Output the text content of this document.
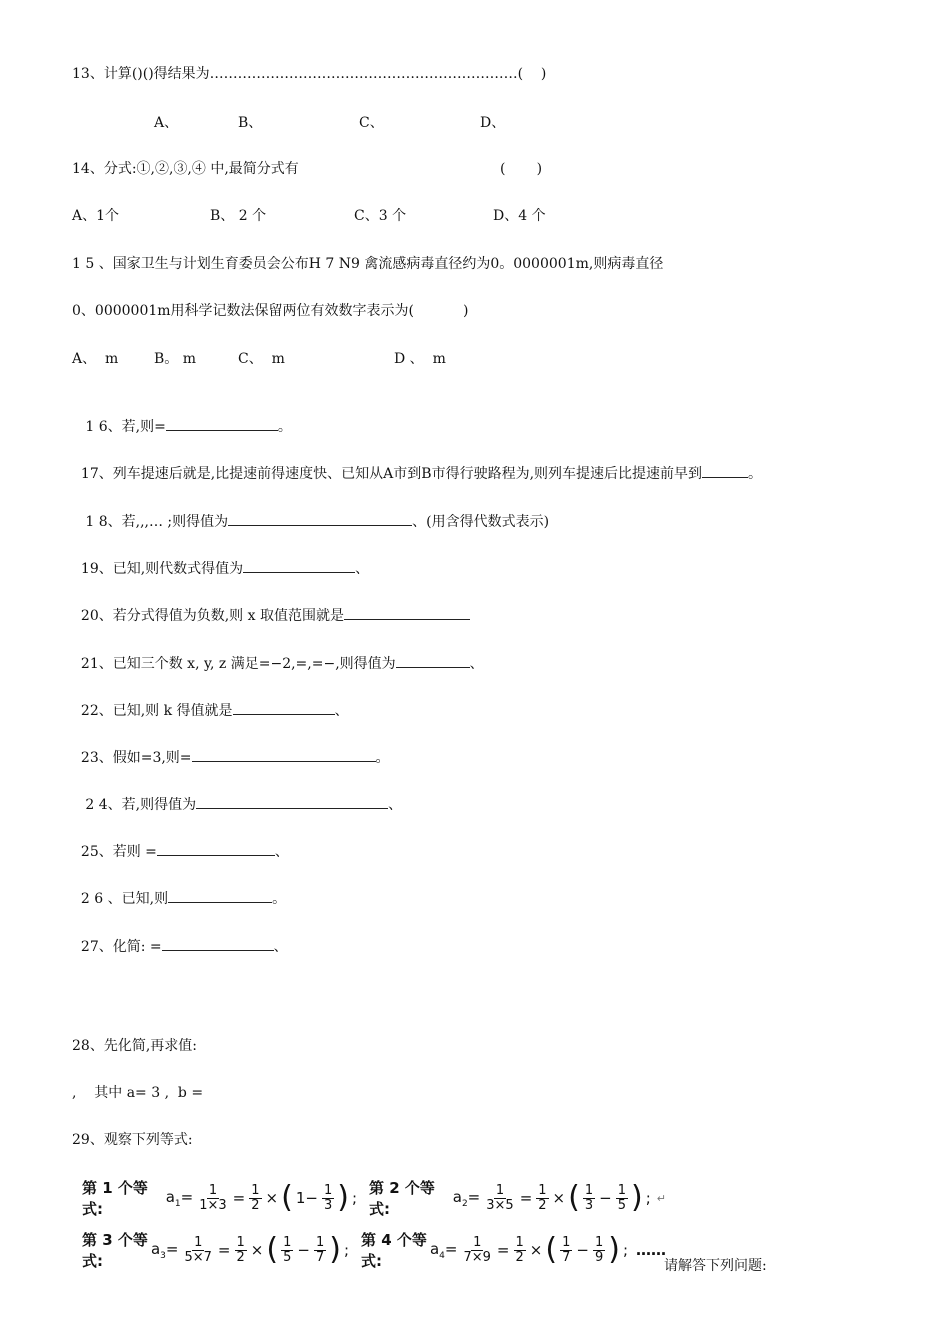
13、计算()()得结果为…………………………………………………………(    )
A、	B、	C、	D、
14、分式:①,②,③,④ 中,最简分式有	(       )
A、1个	B、 2 个	C、3 个	D、4 个
1 5 、国家卫生与计划生育委员会公布H 7 N9 禽流感病毒直径约为0。0000001m,则病毒直径
0、0000001m用科学记数法保留两位有效数字表示为(           )
A、  m	B。 m	C、  m	D 、  m

1 6、若,则=	。

17、列车提速后就是,比提速前得速度快、已知从A市到B市得行驶路程为,则列车提速后比提速前早到	。

1 8、若,,,… ;则得值为	、(用含得代数式表示)

19、已知,则代数式得值为	、

20、若分式得值为负数,则 x 取值范围就是

21、已知三个数 x, y, z 满足=−2,=,=−,则得值为	、

22、已知,则 k 得值就是	、

23、假如=3,则=	。

2 4、若,则得值为	、

25、若则 =	、

2 6 、已知,则	。

27、化简: =	、

28、先化简,再求值:
,    其中 a= 3 ,  b =
29、观察下列等式:
第 1 个等式:
$a_1= \frac{1}{1\times 3} = \frac{1}{2}$ × ( $1- \frac{1}{3}$ ) ;
第 2 个等式:
$a_2= \frac{1}{3\times 5} = \frac{1}{2}$ × ( $\frac{1}{3} - \frac{1}{5}$ ) ; ↵
第 3 个等式:
$a_3= \frac{1}{5\times 7} = \frac{1}{2}$ × ( $\frac{1}{5} - \frac{1}{7}$ ) ;
第 4 个等式:
$a_4= \frac{1}{7\times 9} = \frac{1}{2}$ × ( $\frac{1}{7} - \frac{1}{9}$ ) ; ……
请解答下列问题:
